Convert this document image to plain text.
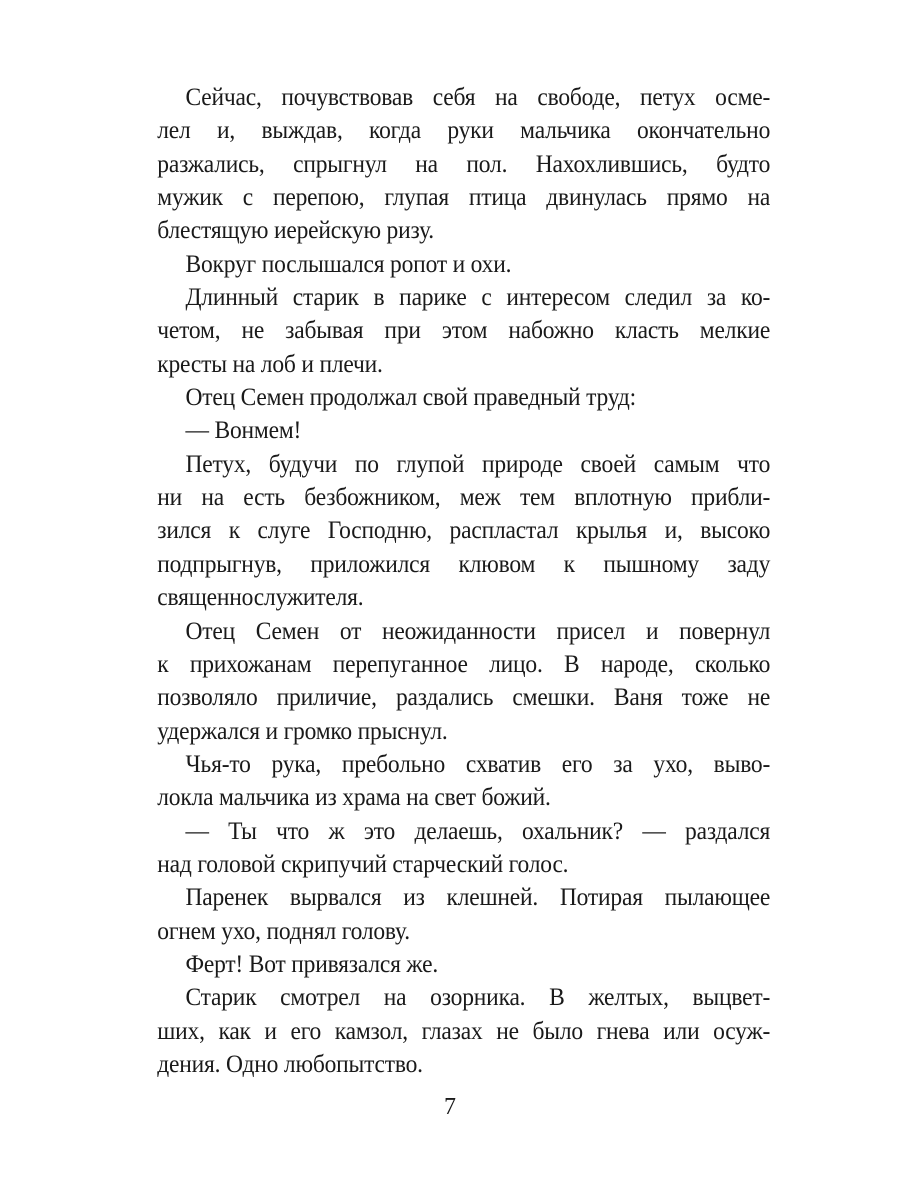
Сейчас, почувствовав себя на свободе, петух осме-
лел и, выждав, когда руки мальчика окончательно
разжались, спрыгнул на пол. Нахохлившись, будто
мужик с перепою, глупая птица двинулась прямо на
блестящую иерейскую ризу.

Вокруг послышался ропот и охи.

Длинный старик в парике с интересом следил за ко-
четом, не забывая при этом набожно класть мелкие
кресты на лоб и плечи.

Отец Семен продолжал свой праведный труд:

— Вонмем!

Петух, будучи по глупой природе своей самым что
ни на есть безбожником, меж тем вплотную прибли-
зился к слуге Господню, распластал крылья и, высоко
подпрыгнув, приложился клювом к пышному заду
священнослужителя.

Отец Семен от неожиданности присел и повернул
к прихожанам перепуганное лицо. В народе, сколько
позволяло приличие, раздались смешки. Ваня тоже не
удержался и громко прыснул.

Чья-то рука, пребольно схватив его за ухо, выво-
локла мальчика из храма на свет божий.

— Ты что ж это делаешь, охальник? — раздался
над головой скрипучий старческий голос.

Паренек вырвался из клешней. Потирая пылающее
огнем ухо, поднял голову.

Ферт! Вот привязался же.

Старик смотрел на озорника. В желтых, выцвет-
ших, как и его камзол, глазах не было гнева или осуж-
дения. Одно любопытство.

7
